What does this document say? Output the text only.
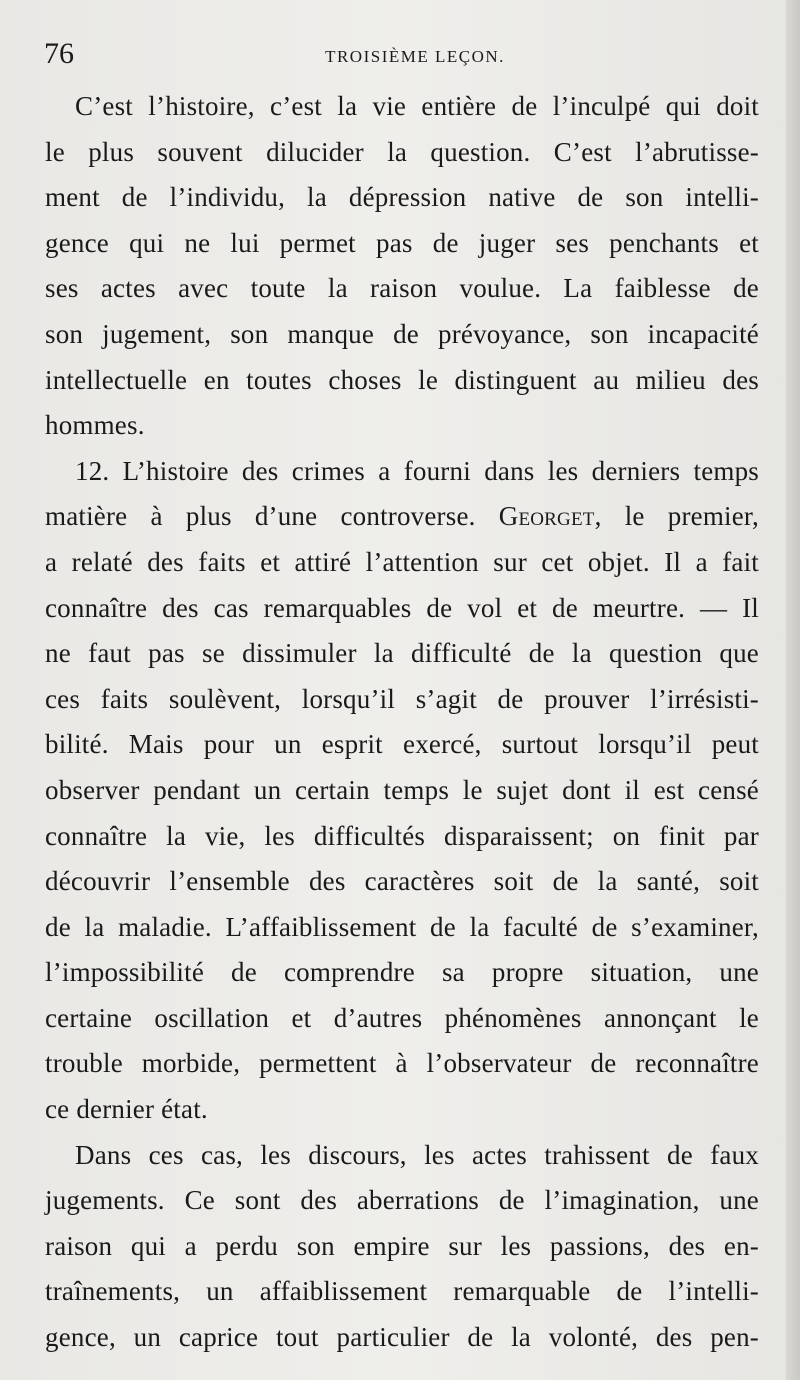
76	TROISIÈME LEÇON.
C’est l’histoire, c’est la vie entière de l’inculpé qui doit
le plus souvent dilucider la question. C’est l’abrutisse-
ment de l’individu, la dépression native de son intelli-
gence qui ne lui permet pas de juger ses penchants et
ses actes avec toute la raison voulue. La faiblesse de
son jugement, son manque de prévoyance, son incapacité
intellectuelle en toutes choses le distinguent au milieu des
hommes.
12. L’histoire des crimes a fourni dans les derniers temps
matière à plus d’une controverse. Georget, le premier,
a relaté des faits et attiré l’attention sur cet objet. Il a fait
connaître des cas remarquables de vol et de meurtre. — Il
ne faut pas se dissimuler la difficulté de la question que
ces faits soulèvent, lorsqu’il s’agit de prouver l’irrésisti-
bilité. Mais pour un esprit exercé, surtout lorsqu’il peut
observer pendant un certain temps le sujet dont il est censé
connaître la vie, les difficultés disparaissent; on finit par
découvrir l’ensemble des caractères soit de la santé, soit
de la maladie. L’affaiblissement de la faculté de s’examiner,
l’impossibilité de comprendre sa propre situation, une
certaine oscillation et d’autres phénomènes annonçant le
trouble morbide, permettent à l’observateur de reconnaître
ce dernier état.
Dans ces cas, les discours, les actes trahissent de faux
jugements. Ce sont des aberrations de l’imagination, une
raison qui a perdu son empire sur les passions, des en-
traînements, un affaiblissement remarquable de l’intelli-
gence, un caprice tout particulier de la volonté, des pen-
